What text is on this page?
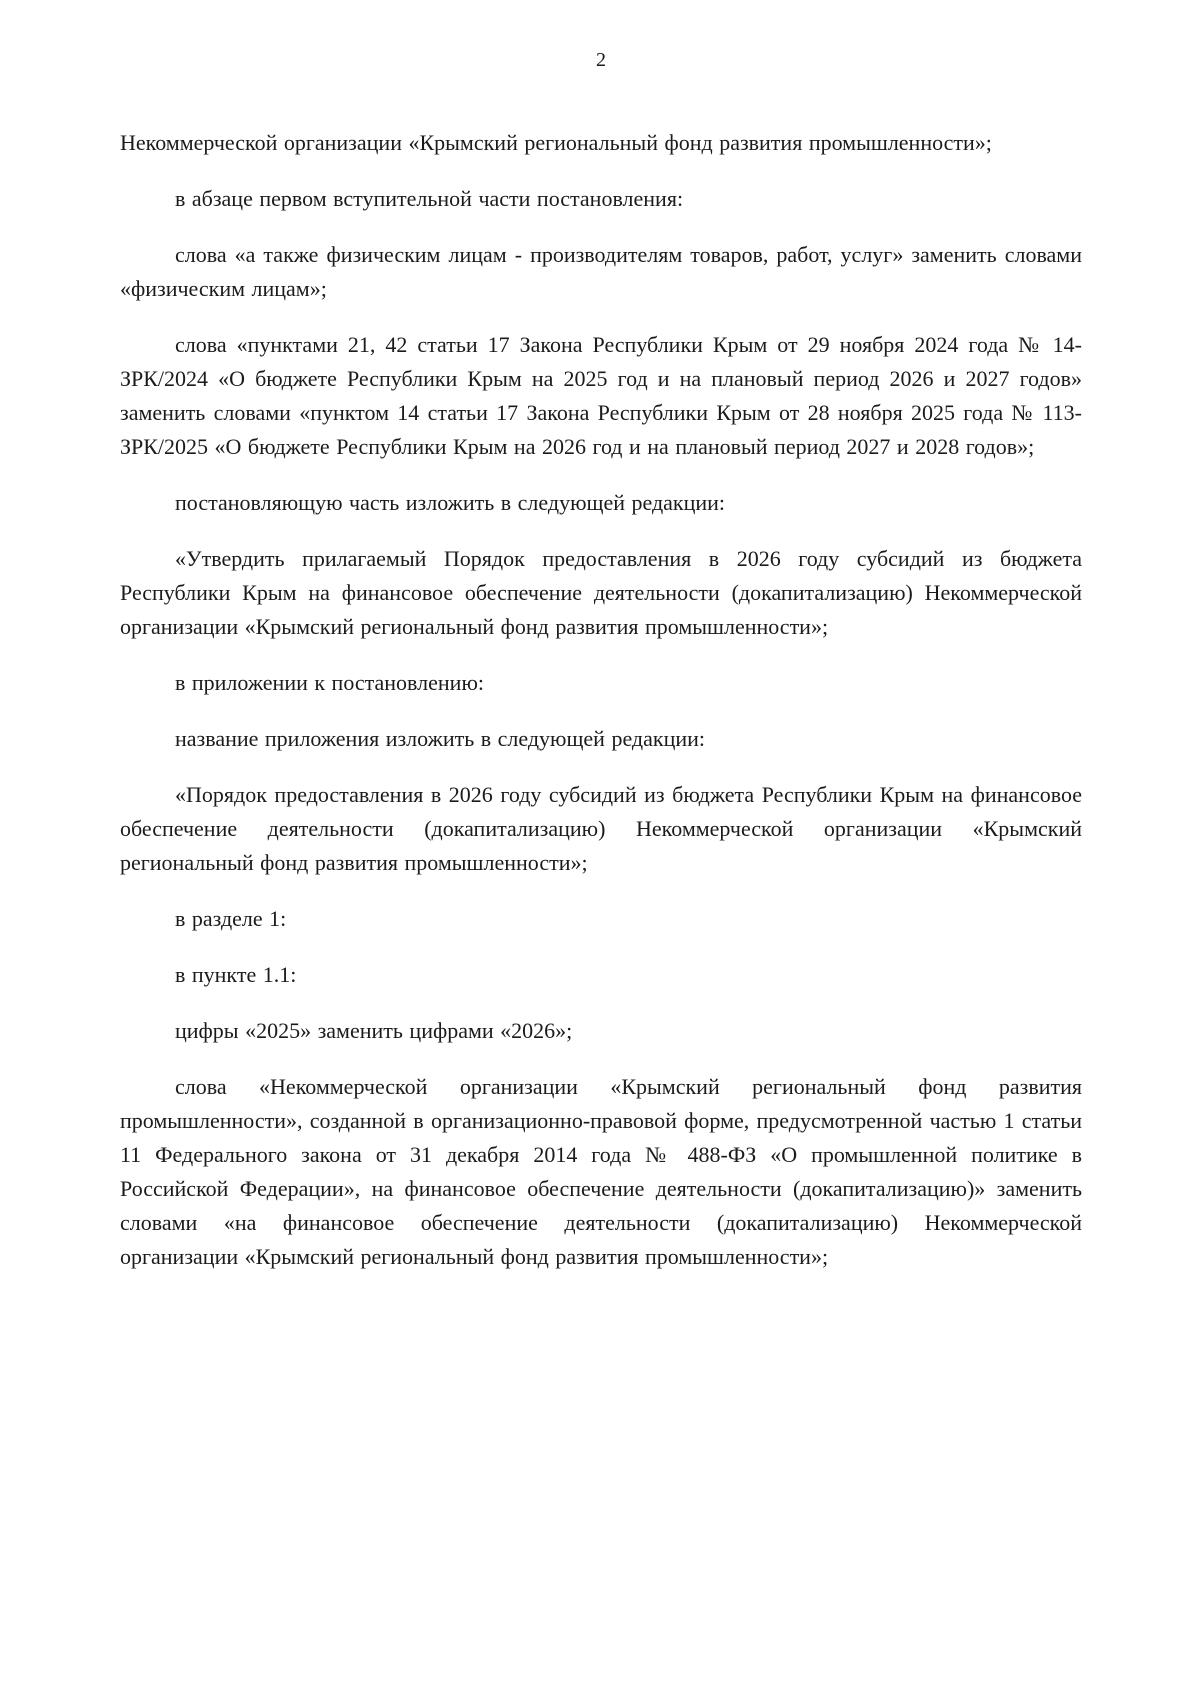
2

Некоммерческой организации «Крымский региональный фонд развития промышленности»;

в абзаце первом вступительной части постановления:

слова «а также физическим лицам - производителям товаров, работ, услуг» заменить словами «физическим лицам»;

слова «пунктами 21, 42 статьи 17 Закона Республики Крым от 29 ноября 2024 года № 14-ЗРК/2024 «О бюджете Республики Крым на 2025 год и на плановый период 2026 и 2027 годов» заменить словами «пунктом 14 статьи 17 Закона Республики Крым от 28 ноября 2025 года № 113-ЗРК/2025 «О бюджете Республики Крым на 2026 год и на плановый период 2027 и 2028 годов»;

постановляющую часть изложить в следующей редакции:

«Утвердить прилагаемый Порядок предоставления в 2026 году субсидий из бюджета Республики Крым на финансовое обеспечение деятельности (докапитализацию) Некоммерческой организации «Крымский региональный фонд развития промышленности»;

в приложении к постановлению:

название приложения изложить в следующей редакции:

«Порядок предоставления в 2026 году субсидий из бюджета Республики Крым на финансовое обеспечение деятельности (докапитализацию) Некоммерческой организации «Крымский региональный фонд развития промышленности»;

в разделе 1:

в пункте 1.1:

цифры «2025» заменить цифрами «2026»;

слова «Некоммерческой организации «Крымский региональный фонд развития промышленности», созданной в организационно-правовой форме, предусмотренной частью 1 статьи 11 Федерального закона от 31 декабря 2014 года № 488-ФЗ «О промышленной политике в Российской Федерации», на финансовое обеспечение деятельности (докапитализацию)» заменить словами «на финансовое обеспечение деятельности (докапитализацию) Некоммерческой организации «Крымский региональный фонд развития промышленности»;
